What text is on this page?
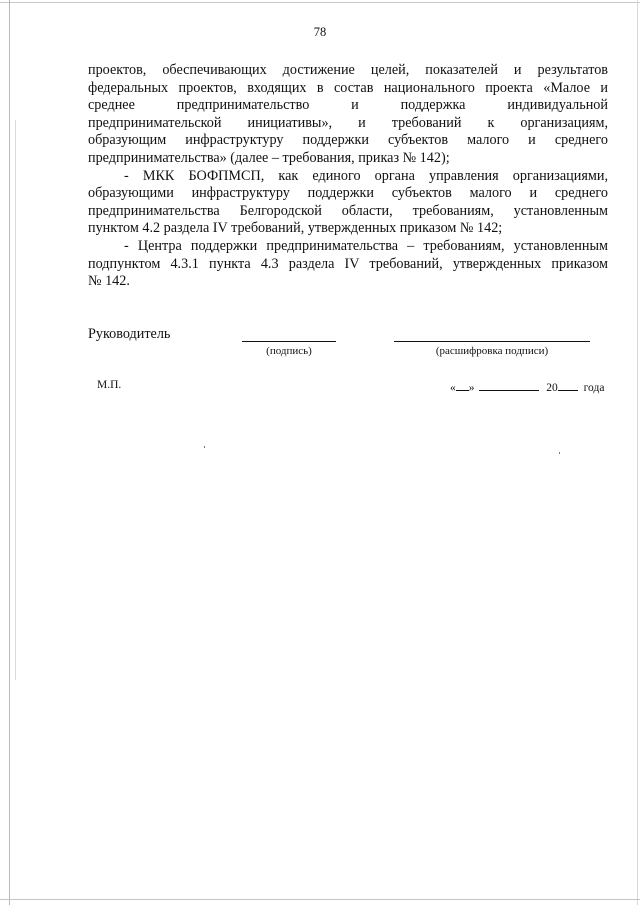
78
проектов, обеспечивающих достижение целей, показателей и результатов
федеральных проектов, входящих в состав национального проекта «Малое и
среднее предпринимательство и поддержка индивидуальной
предпринимательской инициативы», и требований к организациям,
образующим инфраструктуру поддержки субъектов малого и среднего
предпринимательства» (далее – требования, приказ № 142);
- МКК БОФПМСП, как единого органа управления организациями,
образующими инфраструктуру поддержки субъектов малого и среднего
предпринимательства Белгородской области, требованиям, установленным
пунктом 4.2 раздела IV требований, утвержденных приказом № 142;
- Центра поддержки предпринимательства – требованиям, установленным
подпунктом 4.3.1 пункта 4.3 раздела IV требований, утвержденных приказом
№ 142.
Руководитель
(подпись)	(расшифровка подписи)
М.П.	« »	20 года
